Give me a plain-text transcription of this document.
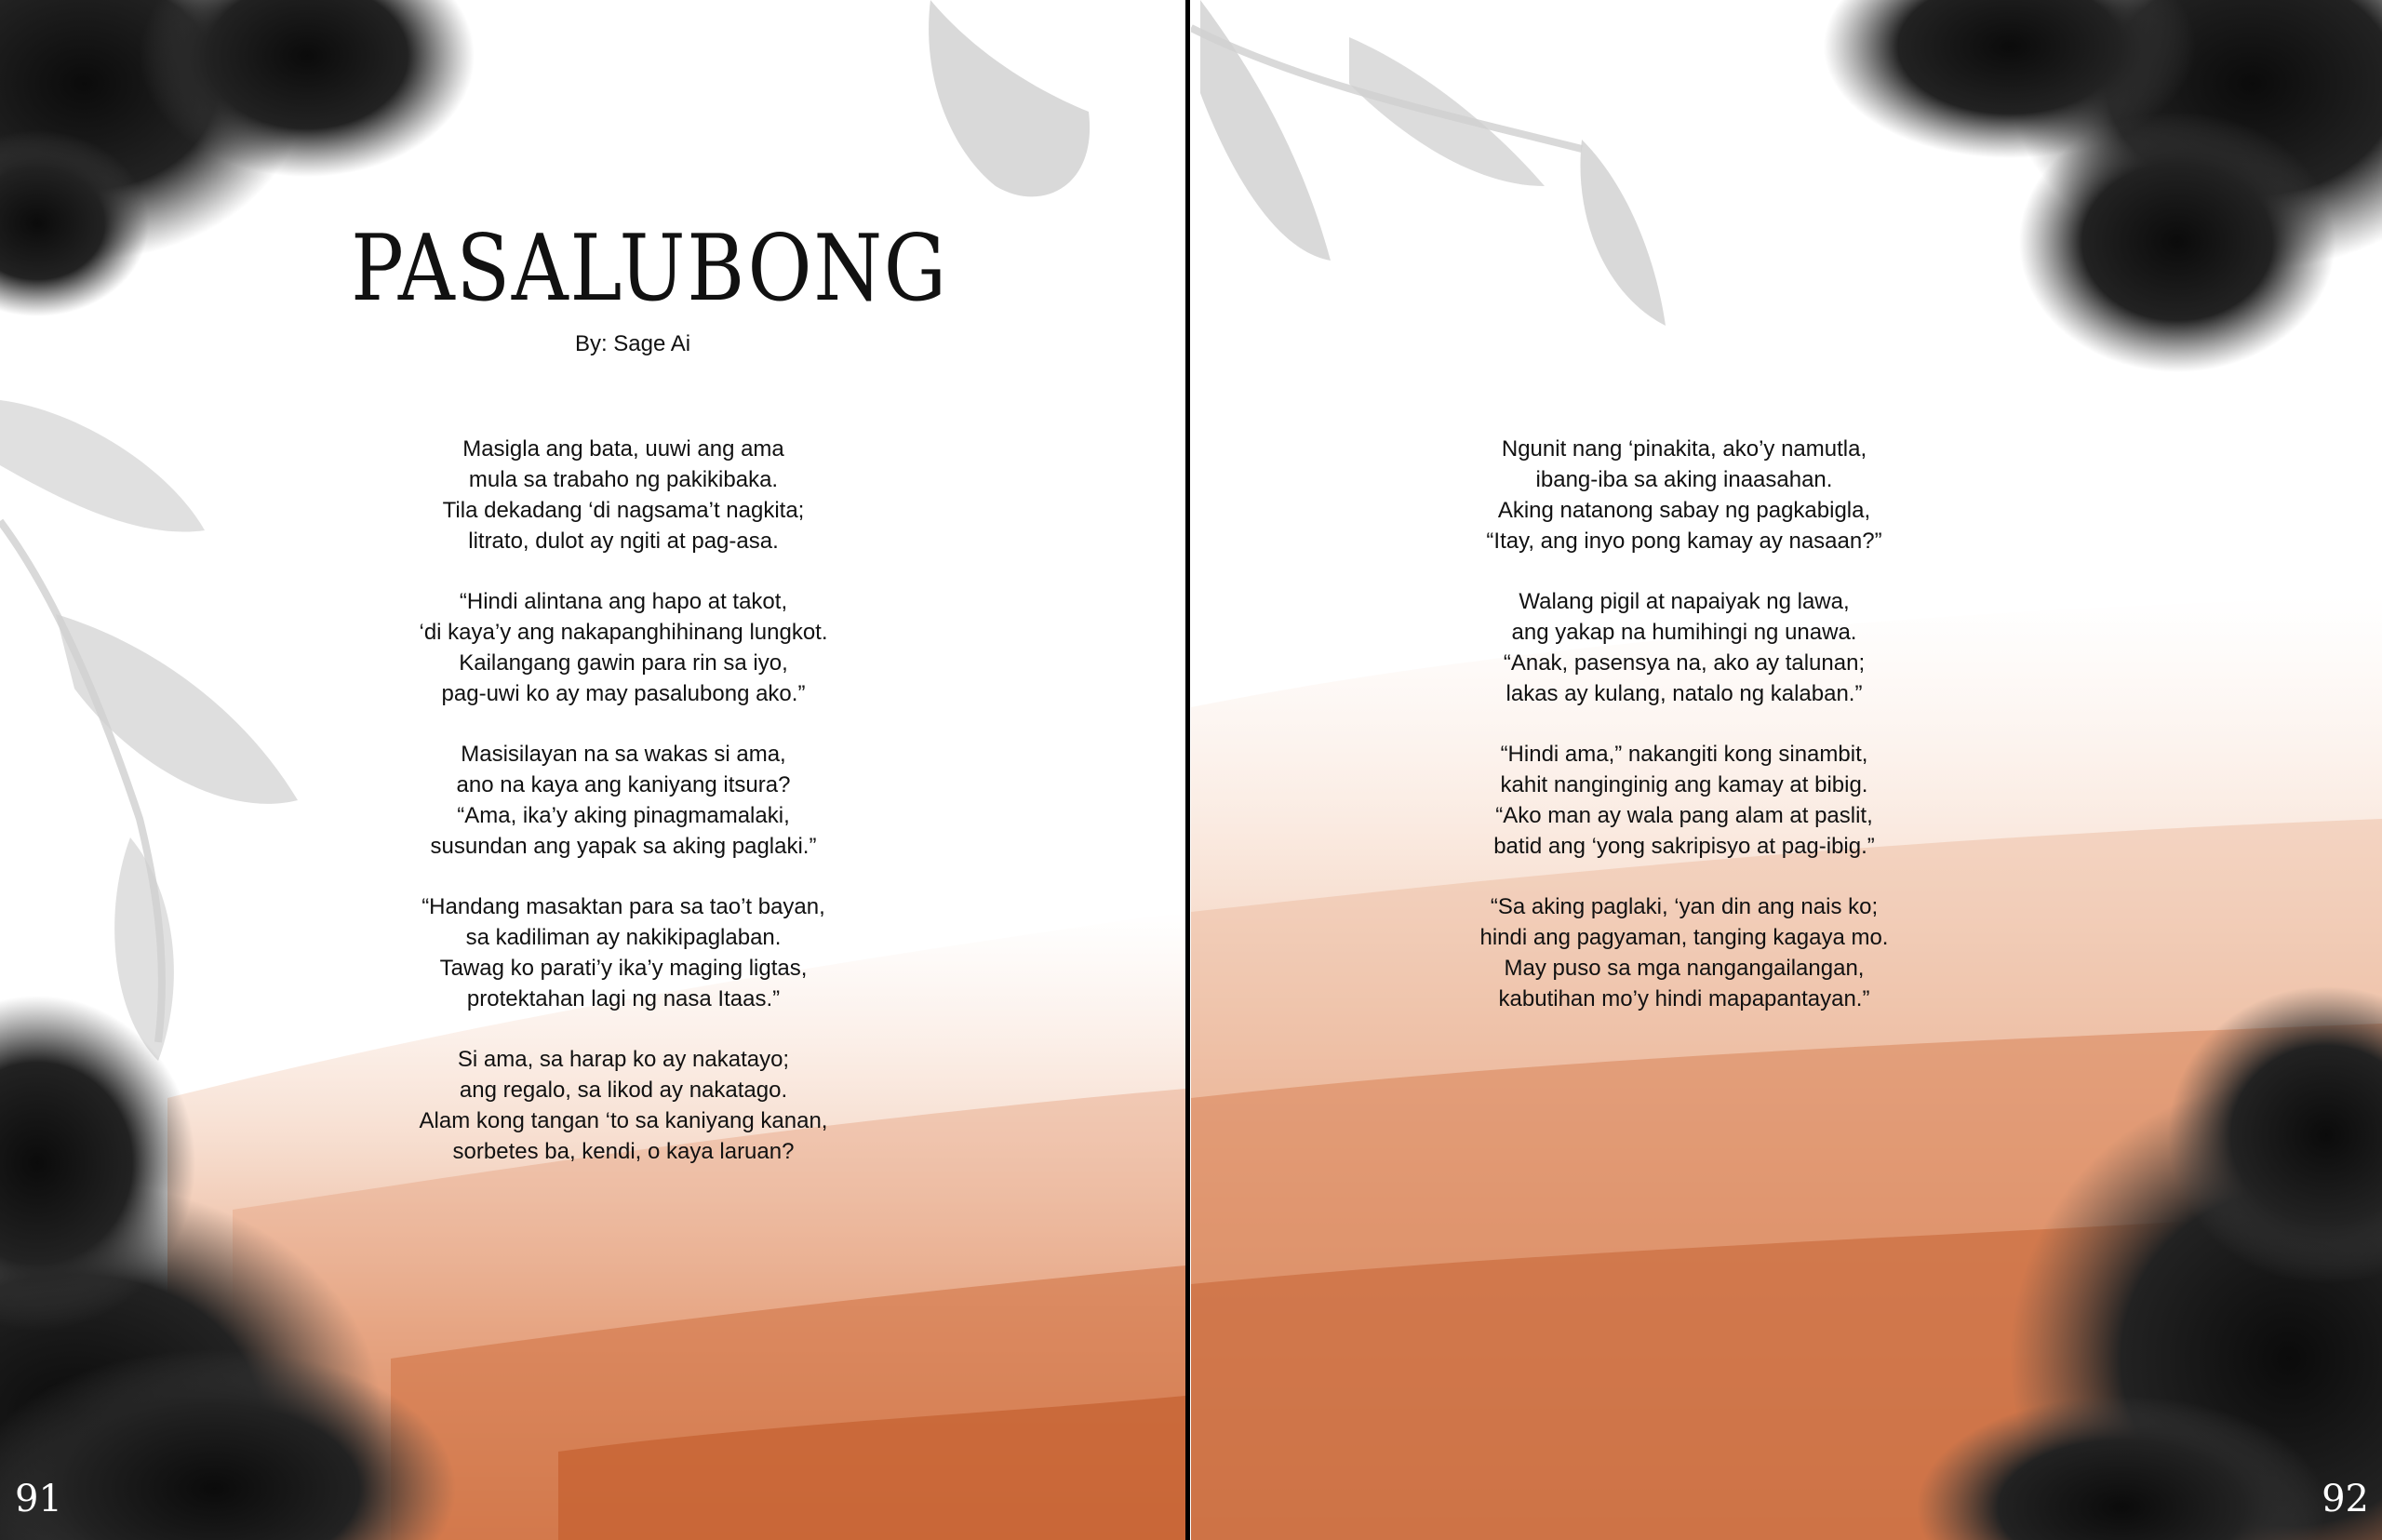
PASALUBONG
By: Sage Ai
Masigla ang bata, uuwi ang ama
mula sa trabaho ng pakikibaka.
Tila dekadang ‘di nagsama’t nagkita;
litrato, dulot ay ngiti at pag-asa.
“Hindi alintana ang hapo at takot,
‘di kaya’y ang nakapanghihinang lungkot.
Kailangang gawin para rin sa iyo,
pag-uwi ko ay may pasalubong ako.”
Masisilayan na sa wakas si ama,
ano na kaya ang kaniyang itsura?
“Ama, ika’y aking pinagmamalaki,
susundan ang yapak sa aking paglaki.”
“Handang masaktan para sa tao’t bayan,
sa kadiliman ay nakikipaglaban.
Tawag ko parati’y ika’y maging ligtas,
protektahan lagi ng nasa Itaas.”
Si ama, sa harap ko ay nakatayo;
ang regalo, sa likod ay nakatago.
Alam kong tangan ‘to sa kaniyang kanan,
sorbetes ba, kendi, o kaya laruan?
91
Ngunit nang ‘pinakita, ako’y namutla,
ibang-iba sa aking inaasahan.
Aking natanong sabay ng pagkabigla,
“Itay, ang inyo pong kamay ay nasaan?”
Walang pigil at napaiyak ng lawa,
ang yakap na humihingi ng unawa.
“Anak, pasensya na, ako ay talunan;
lakas ay kulang, natalo ng kalaban.”
“Hindi ama,” nakangiti kong sinambit,
kahit nanginginig ang kamay at bibig.
“Ako man ay wala pang alam at paslit,
batid ang ‘yong sakripisyo at pag-ibig.”
“Sa aking paglaki, ‘yan din ang nais ko;
hindi ang pagyaman, tanging kagaya mo.
May puso sa mga nangangailangan,
kabutihan mo’y hindi mapapantayan.”
92
